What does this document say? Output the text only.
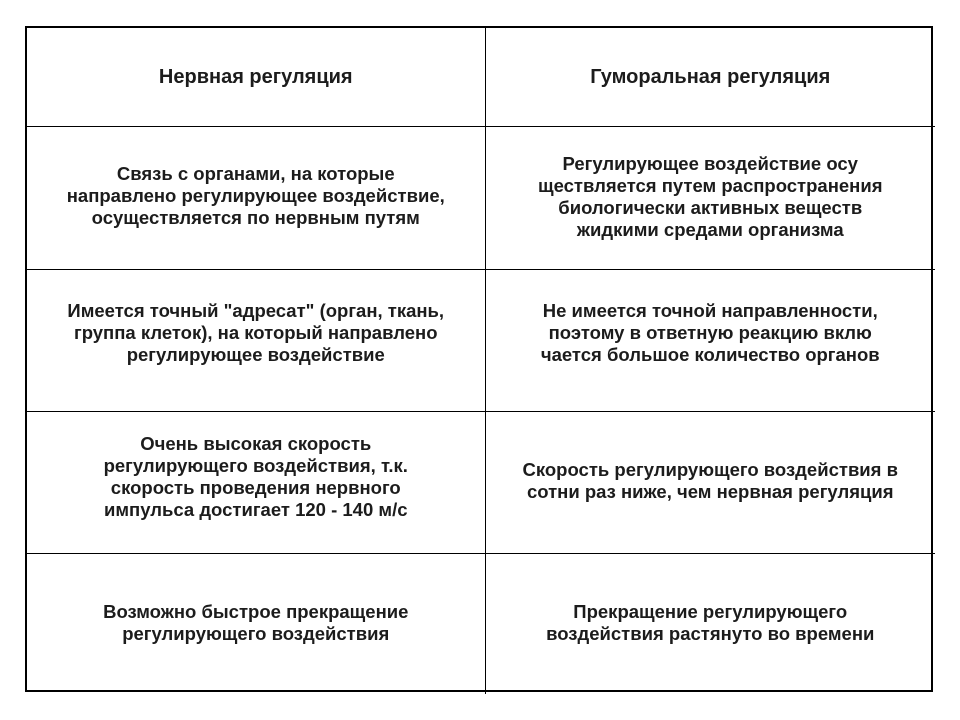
Нервная регуляция	Гуморальная регуляция

Связь с органами, на которые
направлено регулирующее воздействие,
осуществляется по нервным путям	Регулирующее воздействие осу
ществляется путем распространения
биологически активных веществ
жидкими средами организма

Имеется точный "адресат" (орган, ткань,
группа клеток), на который направлено
регулирующее воздействие	Не имеется точной направленности,
поэтому в ответную реакцию вклю
чается большое количество органов

Очень высокая скорость
регулирующего воздействия, т.к.
скорость проведения нервного
импульса достигает 120 - 140 м/с	Скорость регулирующего воздействия в
сотни раз ниже, чем нервная регуляция

Возможно быстрое прекращение
регулирующего воздействия	Прекращение регулирующего
воздействия растянуто во времени
